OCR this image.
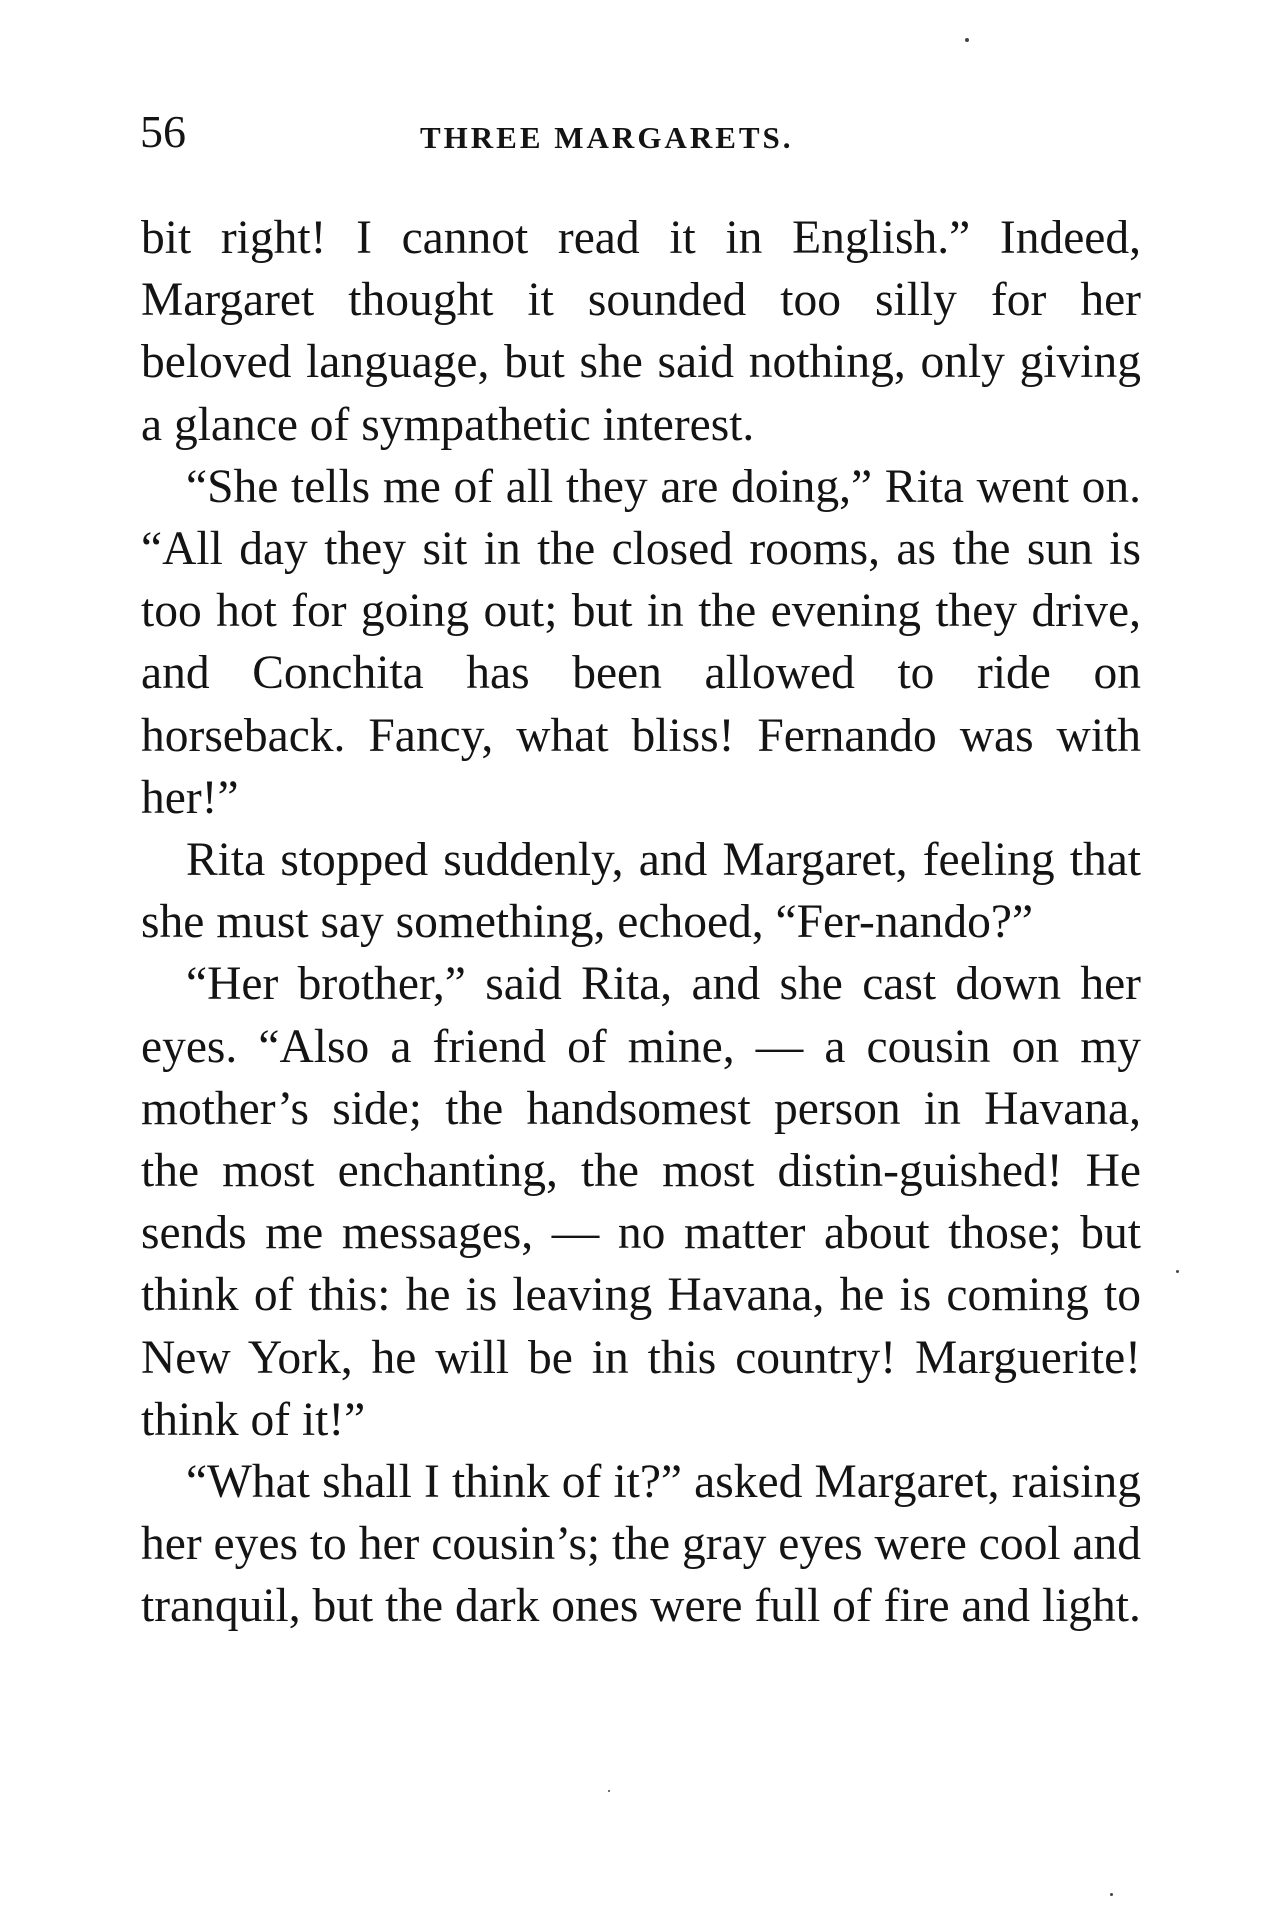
56	THREE MARGARETS.

bit right! I cannot read it in English.” Indeed, Margaret thought it sounded too silly for her beloved language, but she said nothing, only giving a glance of sympathetic interest.

“She tells me of all they are doing,” Rita went on. “All day they sit in the closed rooms, as the sun is too hot for going out; but in the evening they drive, and Conchita has been allowed to ride on horseback. Fancy, what bliss! Fernando was with her!”

Rita stopped suddenly, and Margaret, feeling that she must say something, echoed, “Fer-nando?”

“Her brother,” said Rita, and she cast down her eyes. “Also a friend of mine, — a cousin on my mother’s side; the handsomest person in Havana, the most enchanting, the most distin-guished! He sends me messages, — no matter about those; but think of this: he is leaving Havana, he is coming to New York, he will be in this country! Marguerite! think of it!”

“What shall I think of it?” asked Margaret, raising her eyes to her cousin’s; the gray eyes were cool and tranquil, but the dark ones were full of fire and light.
